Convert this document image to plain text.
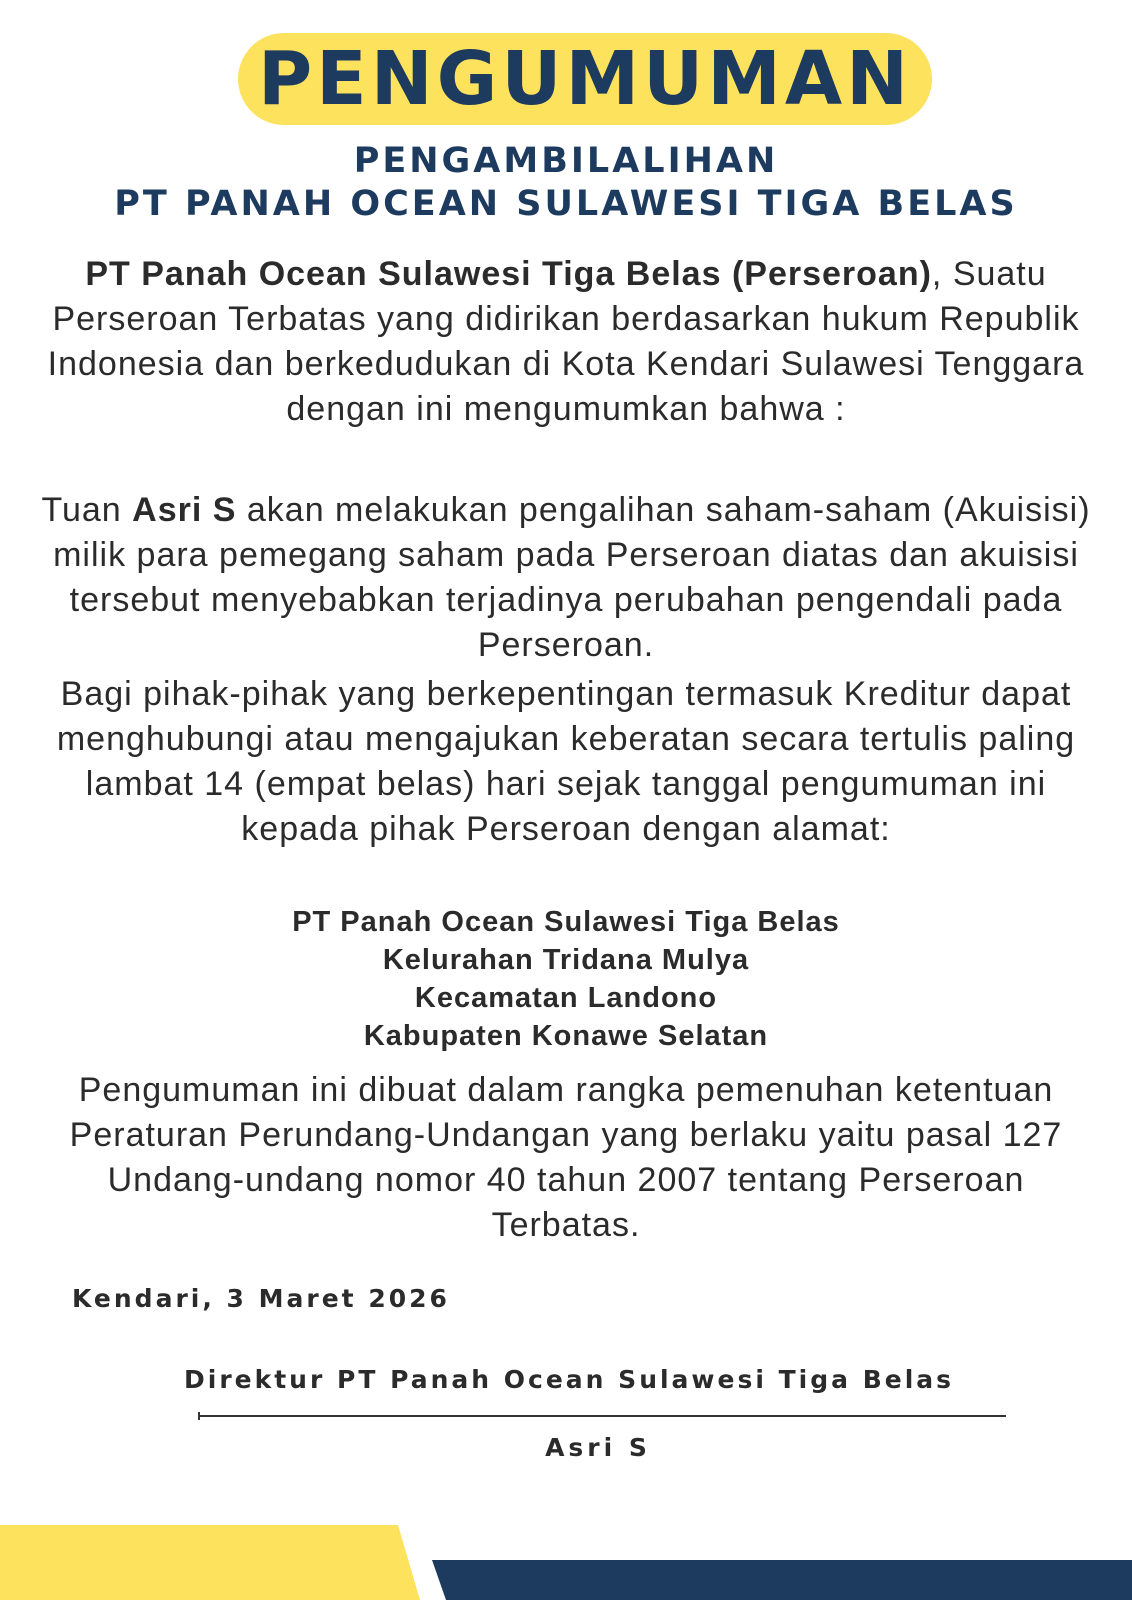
PENGUMUMAN
PENGAMBILALIHAN
PT PANAH OCEAN SULAWESI TIGA BELAS
PT Panah Ocean Sulawesi Tiga Belas (Perseroan), Suatu Perseroan Terbatas yang didirikan berdasarkan hukum Republik Indonesia dan berkedudukan di Kota Kendari Sulawesi Tenggara dengan ini mengumumkan bahwa :
Tuan Asri S akan melakukan pengalihan saham-saham (Akuisisi) milik para pemegang saham pada Perseroan diatas dan akuisisi tersebut menyebabkan terjadinya perubahan pengendali pada Perseroan.
Bagi pihak-pihak yang berkepentingan termasuk Kreditur dapat menghubungi atau mengajukan keberatan secara tertulis paling lambat 14 (empat belas) hari sejak tanggal pengumuman ini kepada pihak Perseroan dengan alamat:
PT Panah Ocean Sulawesi Tiga Belas
Kelurahan Tridana Mulya
Kecamatan Landono
Kabupaten Konawe Selatan
Pengumuman ini dibuat dalam rangka pemenuhan ketentuan Peraturan Perundang-Undangan yang berlaku yaitu pasal 127 Undang-undang nomor 40 tahun 2007 tentang Perseroan Terbatas.
Kendari, 3 Maret 2026
Direktur PT Panah Ocean Sulawesi Tiga Belas
Asri S
